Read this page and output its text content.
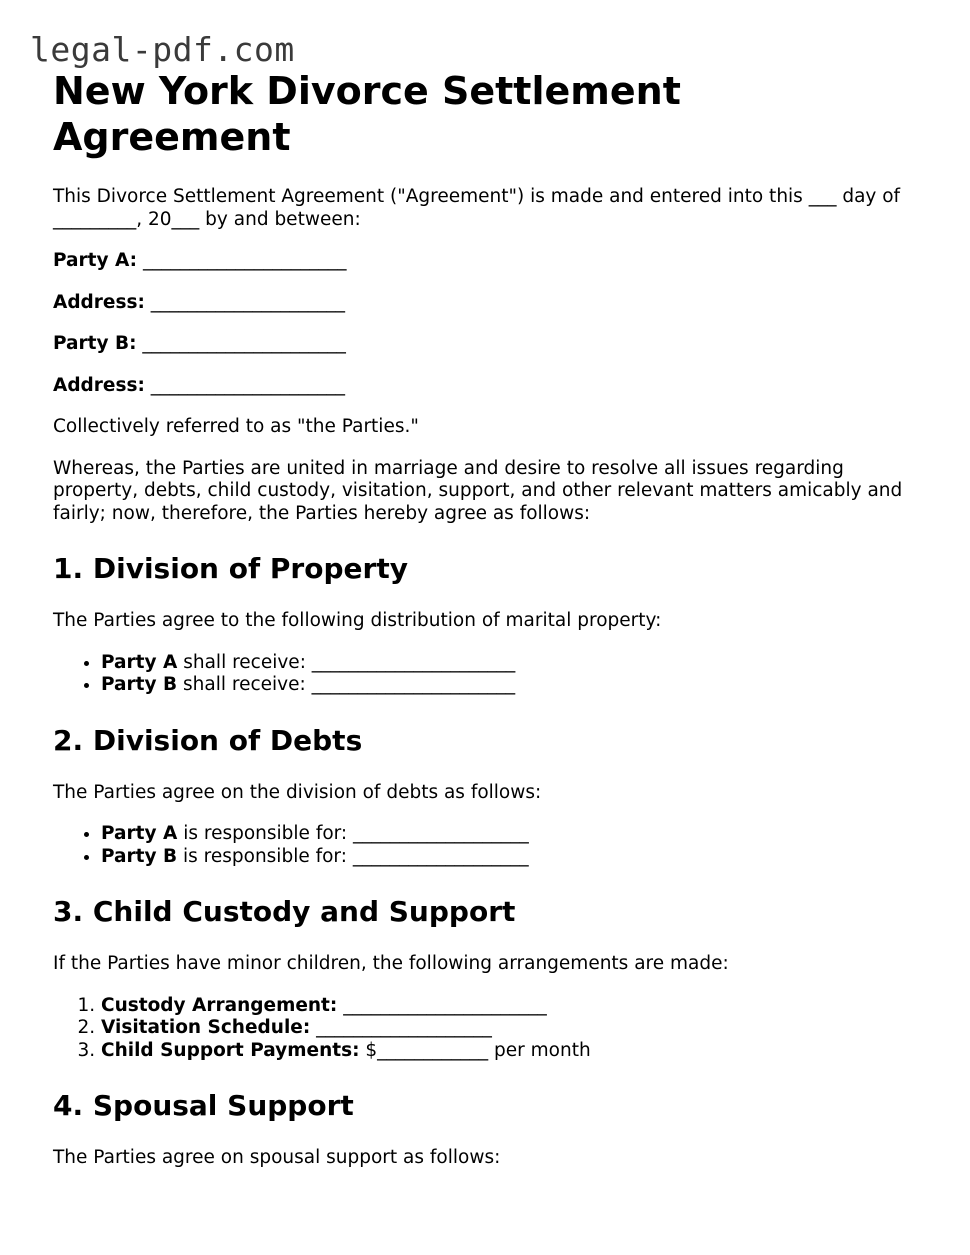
legal-pdf.com
New York Divorce Settlement Agreement

This Divorce Settlement Agreement ("Agreement") is made and entered into this ___ day of _________, 20___ by and between:

Party A: ______________________

Address: _____________________

Party B: ______________________

Address: _____________________

Collectively referred to as "the Parties."

Whereas, the Parties are united in marriage and desire to resolve all issues regarding property, debts, child custody, visitation, support, and other relevant matters amicably and fairly; now, therefore, the Parties hereby agree as follows:

1. Division of Property

The Parties agree to the following distribution of marital property:

• Party A shall receive: ______________________
• Party B shall receive: ______________________
2. Division of Debts

The Parties agree on the division of debts as follows:

• Party A is responsible for: ___________________
• Party B is responsible for: ___________________
3. Child Custody and Support

If the Parties have minor children, the following arrangements are made:

1. Custody Arrangement: ______________________
2. Visitation Schedule: ___________________
3. Child Support Payments: $____________ per month
4. Spousal Support

The Parties agree on spousal support as follows:
